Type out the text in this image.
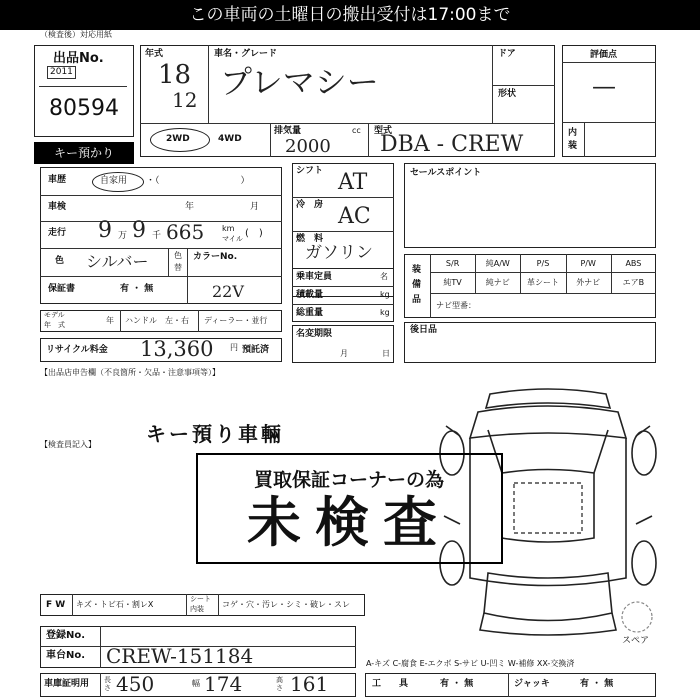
この車両の土曜日の搬出受付は17:00まで
（検査後）対応用紙
出品No.
2011
80594
キー預かり
年式
18
12
車名・グレード
プレマシー
ドア
形状
2WD	4WD
排気量	cc
2000
型式
DBA - CREW
評価点
—
内装
車歴	自家用 ・（　　　　　　　　　）
車検	年	月
走行 9 万 9 千 665 km
マイル (　)
色 シルバー	色
替
カラーNo.
保証書	有 ・ 無	22V
モデル
年　式	年 ハンドル　左・右 ディーラー・並行
リサイクル料金 13,360 円 預託済
【出品店申告欄（不良箇所・欠品・注意事項等）】
シフト AT
冷　房 AC
燃　料
ガソリン
乗車定員	名
積載量	kg
総重量	kg
名変期限
月	日
セールスポイント
装
備
品
S/R	純A/W	P/S	P/W	ABS
純TV	純ナビ	革シート	外ナビ	エアB
ナビ型番：
後日品
【検査員記入】	キー預り車輛
スペア
買取保証コーナーの為
未検査
F W キズ・トビ石・割レX
シート
内装 コゲ・穴・汚レ・シミ・破レ・スレ
登録No.
車台No. CREW-151184
車庫証明用 長さ 450	幅 174	高さ 161
A-キズ C-腐食 E-エクボ S-サビ U-凹ミ W-補修 XX-交換済
工　　具	有 ・ 無	ジャッキ	有 ・ 無
